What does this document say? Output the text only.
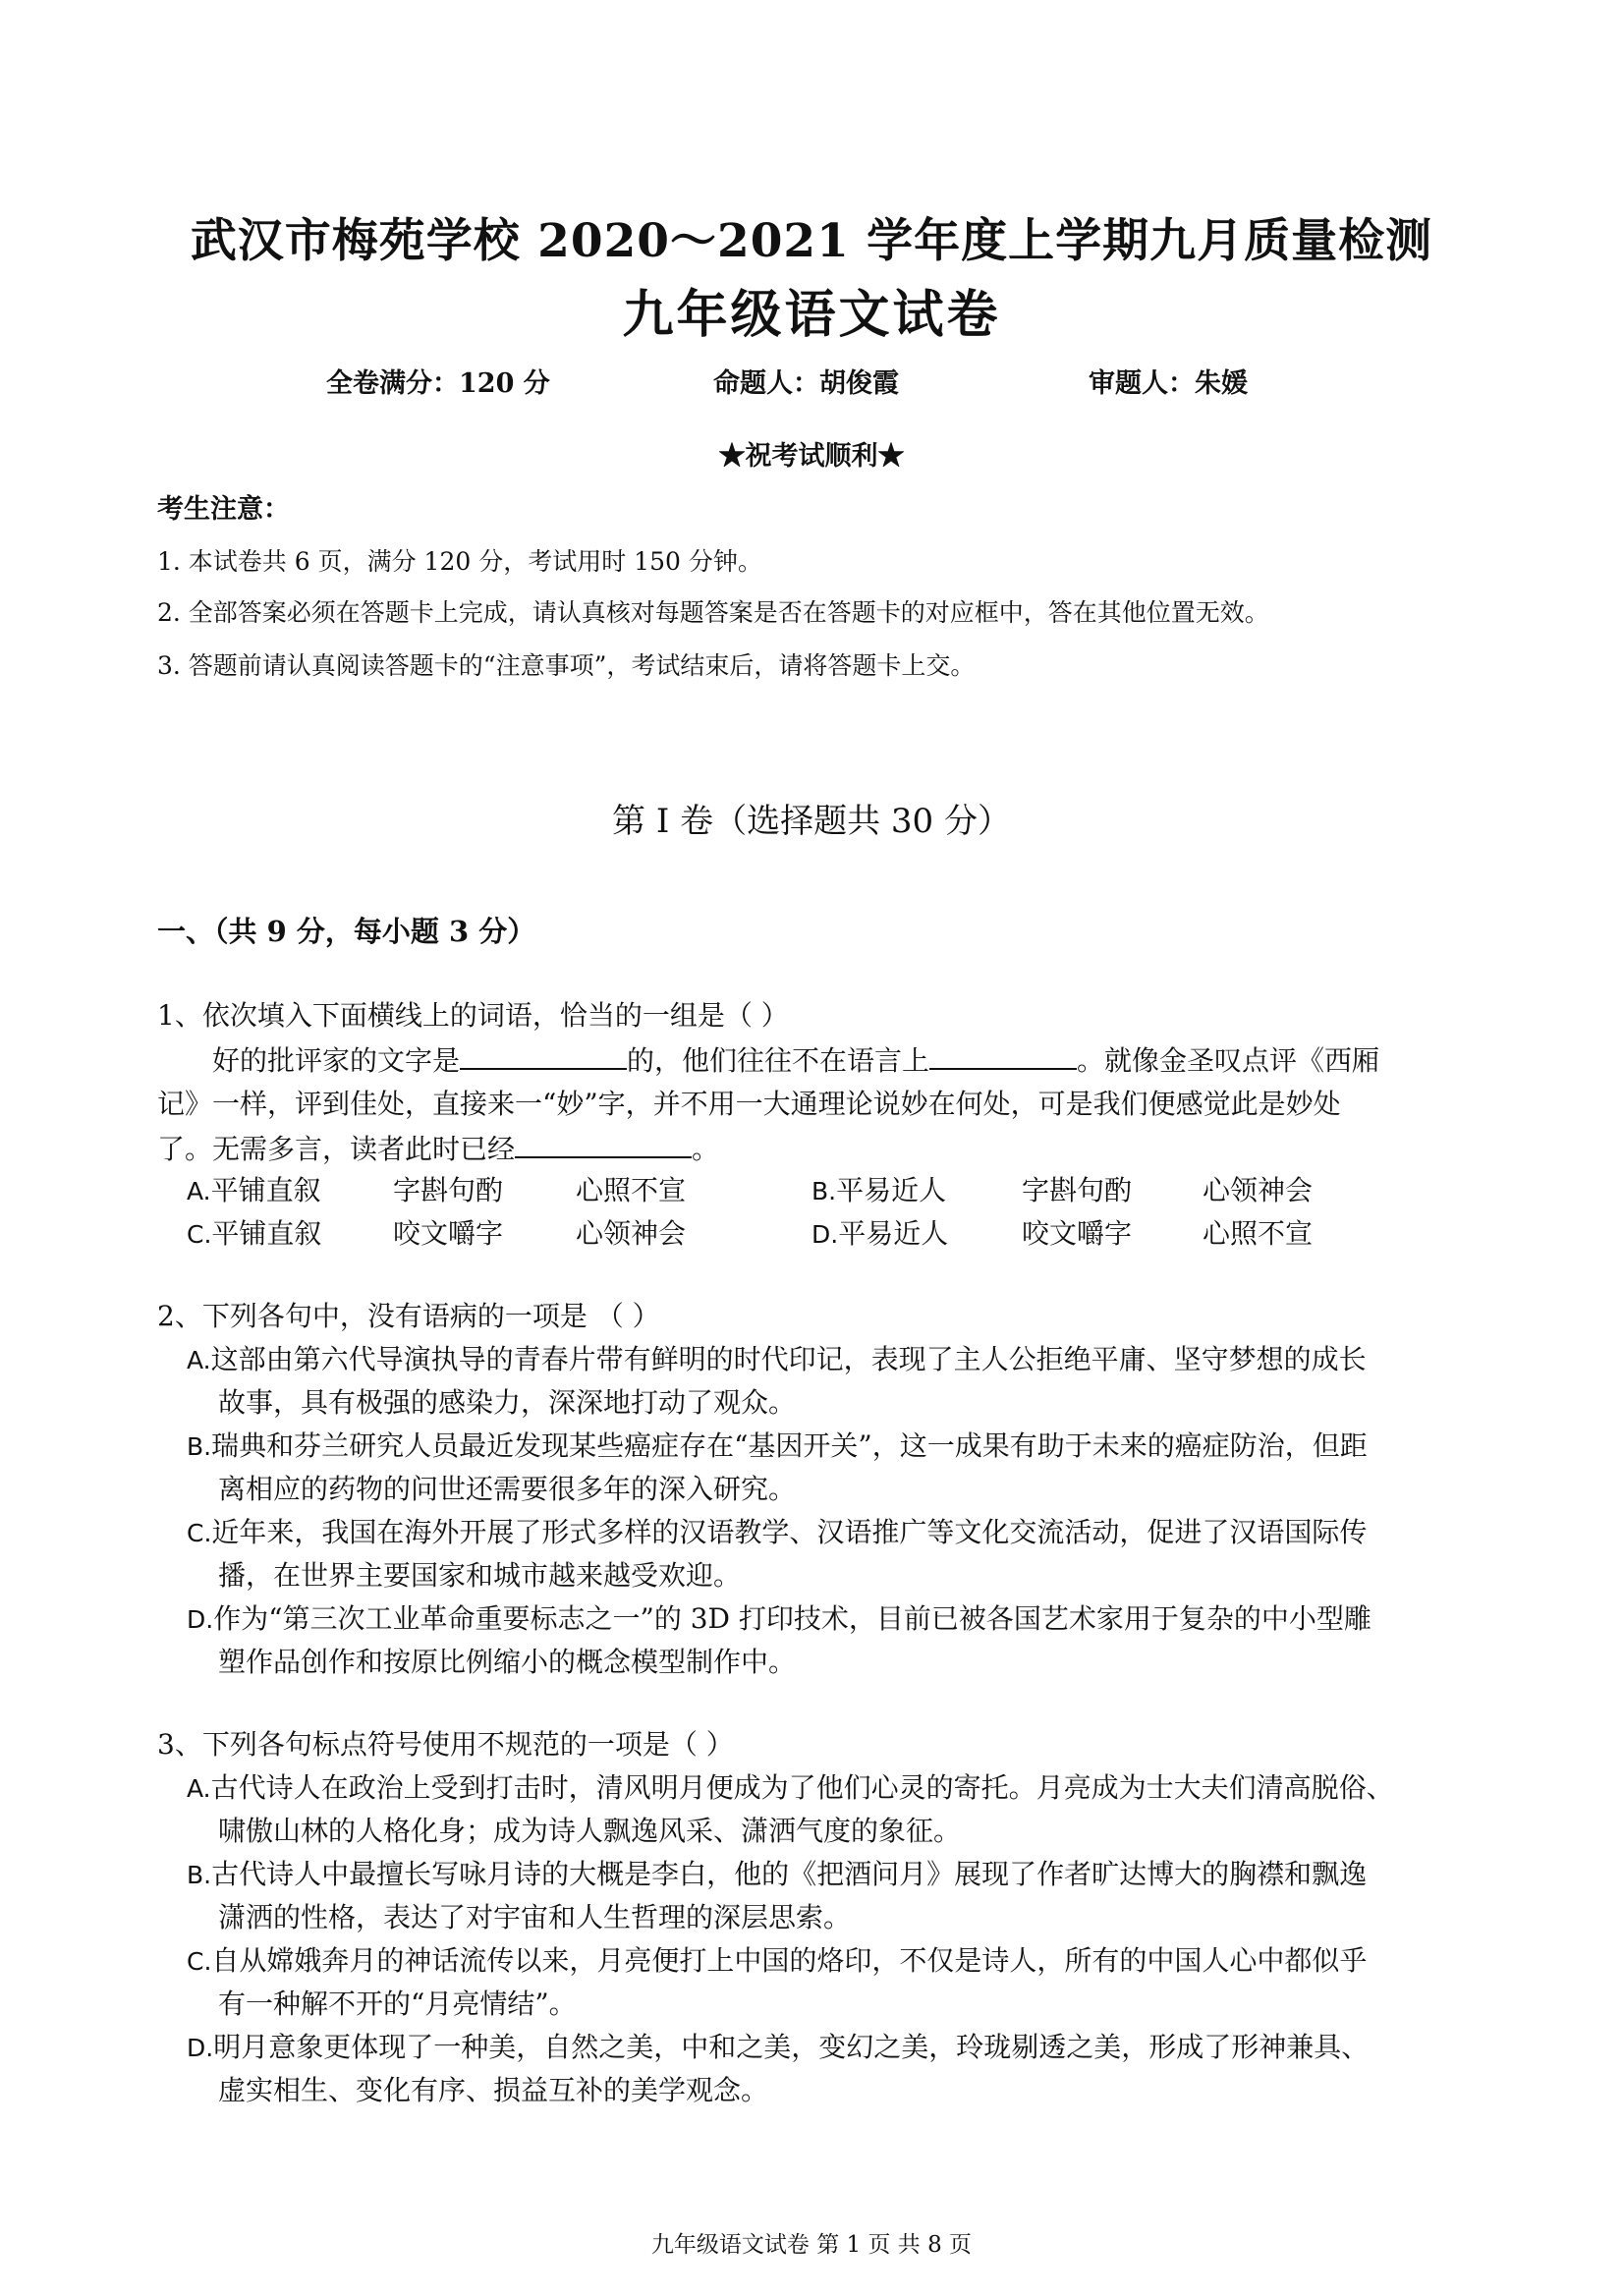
武汉市梅苑学校 2020～2021 学年度上学期九月质量检测
九年级语文试卷
全卷满分：120 分	命题人：胡俊霞	审题人：朱媛
★祝考试顺利★
考生注意：
1. 本试卷共 6 页，满分 120 分，考试用时 150 分钟。
2. 全部答案必须在答题卡上完成，请认真核对每题答案是否在答题卡的对应框中，答在其他位置无效。
3. 答题前请认真阅读答题卡的“注意事项”，考试结束后，请将答题卡上交。
第 I 卷（选择题共 30 分）
一、（共 9 分，每小题 3 分）
1、依次填入下面横线上的词语，恰当的一组是（ ）
好的批评家的文字是	的，他们往往不在语言上	。就像金圣叹点评《西厢
记》一样，评到佳处，直接来一“妙”字，并不用一大通理论说妙在何处，可是我们便感觉此是妙处
了。无需多言，读者此时已经	。
A.平铺直叙	字斟句酌	心照不宣	B.平易近人	字斟句酌	心领神会
C.平铺直叙	咬文嚼字	心领神会	D.平易近人	咬文嚼字	心照不宣
2、下列各句中，没有语病的一项是 （ ）
A.这部由第六代导演执导的青春片带有鲜明的时代印记，表现了主人公拒绝平庸、坚守梦想的成长
故事，具有极强的感染力，深深地打动了观众。
B.瑞典和芬兰研究人员最近发现某些癌症存在“基因开关”，这一成果有助于未来的癌症防治，但距
离相应的药物的问世还需要很多年的深入研究。
C.近年来，我国在海外开展了形式多样的汉语教学、汉语推广等文化交流活动，促进了汉语国际传
播，在世界主要国家和城市越来越受欢迎。
D.作为“第三次工业革命重要标志之一”的 3D 打印技术，目前已被各国艺术家用于复杂的中小型雕
塑作品创作和按原比例缩小的概念模型制作中。
3、下列各句标点符号使用不规范的一项是（ ）
A.古代诗人在政治上受到打击时，清风明月便成为了他们心灵的寄托。月亮成为士大夫们清高脱俗、
啸傲山林的人格化身；成为诗人飘逸风采、潇洒气度的象征。
B.古代诗人中最擅长写咏月诗的大概是李白，他的《把酒问月》展现了作者旷达博大的胸襟和飘逸
潇洒的性格，表达了对宇宙和人生哲理的深层思索。
C.自从嫦娥奔月的神话流传以来，月亮便打上中国的烙印，不仅是诗人，所有的中国人心中都似乎
有一种解不开的“月亮情结”。
D.明月意象更体现了一种美，自然之美，中和之美，变幻之美，玲珑剔透之美，形成了形神兼具、
虚实相生、变化有序、损益互补的美学观念。
九年级语文试卷 第 1 页 共 8 页
